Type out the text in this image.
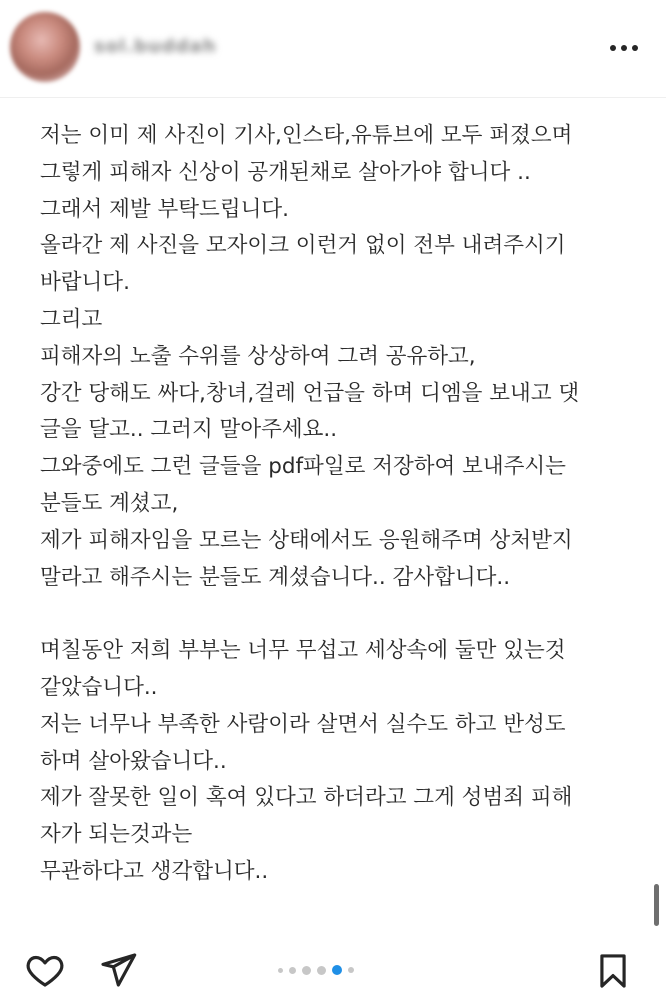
sol.buddah
저는 이미 제 사진이 기사,인스타,유튜브에 모두 퍼졌으며
그렇게 피해자 신상이 공개된채로 살아가야 합니다 ..
그래서 제발 부탁드립니다.
올라간 제 사진을 모자이크 이런거 없이 전부 내려주시기
바랍니다.
그리고
피해자의 노출 수위를 상상하여 그려 공유하고,
강간 당해도 싸다,창녀,걸레 언급을 하며 디엠을 보내고 댓
글을 달고.. 그러지 말아주세요..
그와중에도 그런 글들을 pdf파일로 저장하여 보내주시는
분들도 계셨고,
제가 피해자임을 모르는 상태에서도 응원해주며 상처받지
말라고 해주시는 분들도 계셨습니다.. 감사합니다..
며칠동안 저희 부부는 너무 무섭고 세상속에 둘만 있는것
같았습니다..
저는 너무나 부족한 사람이라 살면서 실수도 하고 반성도
하며 살아왔습니다..
제가 잘못한 일이 혹여 있다고 하더라고 그게 성범죄 피해
자가 되는것과는
무관하다고 생각합니다..
